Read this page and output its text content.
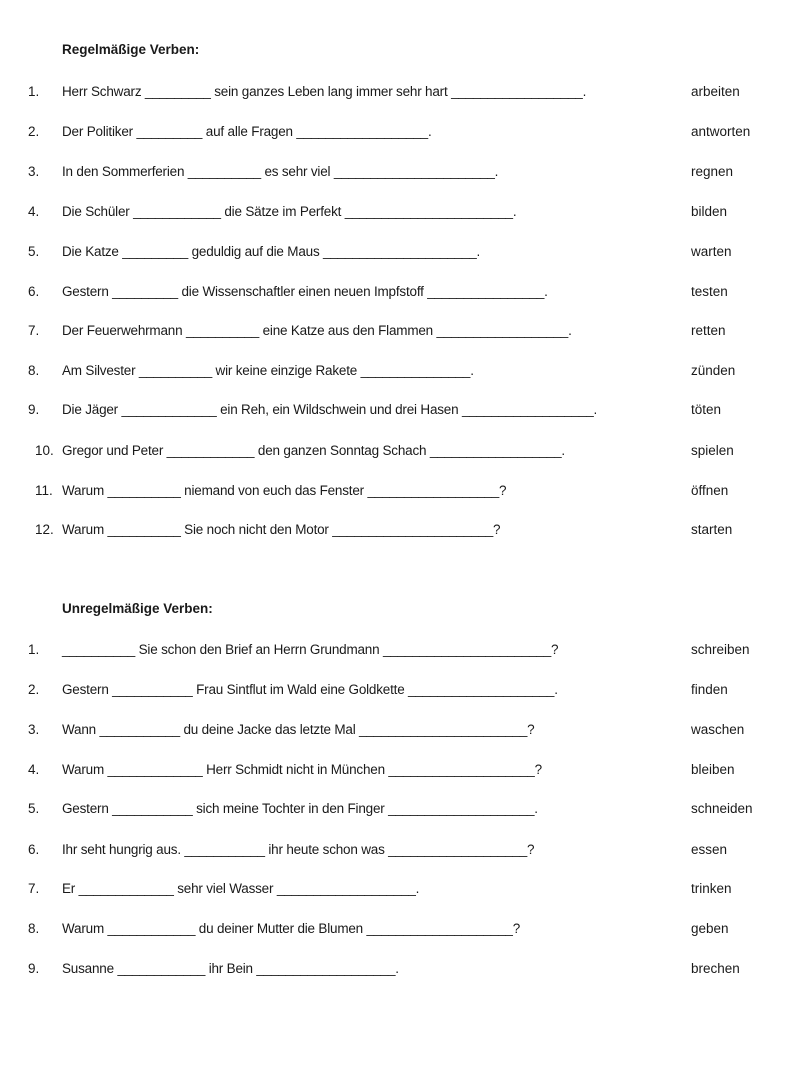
Regelmäßige Verben:
1.	Herr Schwarz _________ sein ganzes Leben lang immer sehr hart __________________.	arbeiten
2.	Der Politiker _________ auf alle Fragen __________________.	antworten
3.	In den Sommerferien __________ es sehr viel ______________________.	regnen
4.	Die Schüler ____________ die Sätze im Perfekt _______________________.	bilden
5.	Die Katze _________ geduldig auf die Maus _____________________.	warten
6.	Gestern _________ die Wissenschaftler einen neuen Impfstoff ________________.	testen
7.	Der Feuerwehrmann __________ eine Katze aus den Flammen __________________.	retten
8.	Am Silvester __________ wir keine einzige Rakete _______________.	zünden
9.	Die Jäger _____________ ein Reh, ein Wildschwein und drei Hasen __________________.	töten
10. Gregor und Peter ____________ den ganzen Sonntag Schach __________________.	spielen
11. Warum __________ niemand von euch das Fenster __________________?	öffnen
12. Warum __________ Sie noch nicht den Motor ______________________?	starten
Unregelmäßige Verben:
1.	__________ Sie schon den Brief an Herrn Grundmann _______________________?	schreiben
2.	Gestern ___________ Frau Sintflut im Wald eine Goldkette ____________________.	finden
3.	Wann ___________ du deine Jacke das letzte Mal _______________________?	waschen
4.	Warum _____________ Herr Schmidt nicht in München ____________________?	bleiben
5.	Gestern ___________ sich meine Tochter in den Finger ____________________.	schneiden
6.	Ihr seht hungrig aus. ___________ ihr heute schon was ___________________?	essen
7.	Er _____________ sehr viel Wasser ___________________.	trinken
8.	Warum ____________ du deiner Mutter die Blumen ____________________?	geben
9.	Susanne ____________ ihr Bein ___________________.	brechen
